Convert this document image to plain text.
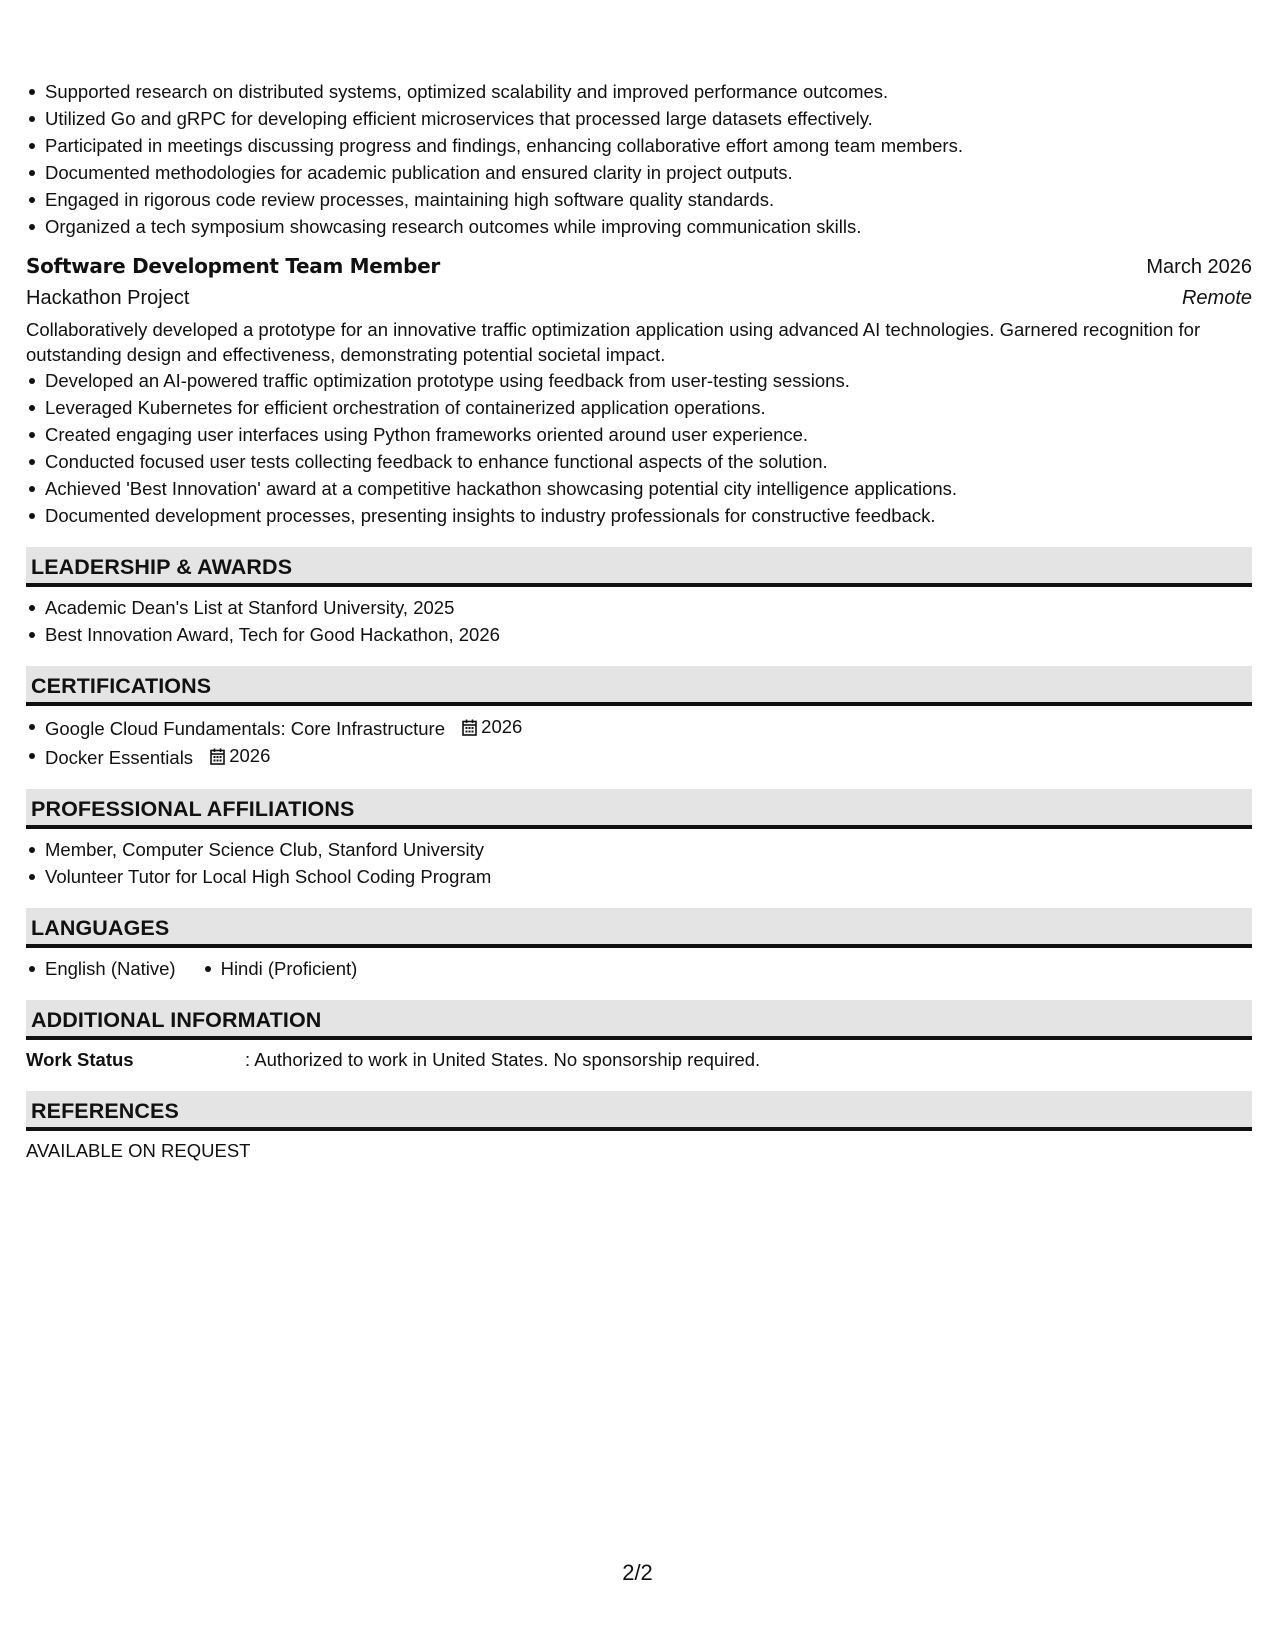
Supported research on distributed systems, optimized scalability and improved performance outcomes.
Utilized Go and gRPC for developing efficient microservices that processed large datasets effectively.
Participated in meetings discussing progress and findings, enhancing collaborative effort among team members.
Documented methodologies for academic publication and ensured clarity in project outputs.
Engaged in rigorous code review processes, maintaining high software quality standards.
Organized a tech symposium showcasing research outcomes while improving communication skills.
Software Development Team Member	March 2026
Hackathon Project	Remote

Collaboratively developed a prototype for an innovative traffic optimization application using advanced AI technologies. Garnered recognition for outstanding design and effectiveness, demonstrating potential societal impact.

Developed an AI-powered traffic optimization prototype using feedback from user-testing sessions.
Leveraged Kubernetes for efficient orchestration of containerized application operations.
Created engaging user interfaces using Python frameworks oriented around user experience.
Conducted focused user tests collecting feedback to enhance functional aspects of the solution.
Achieved 'Best Innovation' award at a competitive hackathon showcasing potential city intelligence applications.
Documented development processes, presenting insights to industry professionals for constructive feedback.
LEADERSHIP & AWARDS
Academic Dean's List at Stanford University, 2025
Best Innovation Award, Tech for Good Hackathon, 2026
CERTIFICATIONS
Google Cloud Fundamentals: Core Infrastructure 2026
Docker Essentials 2026
PROFESSIONAL AFFILIATIONS
Member, Computer Science Club, Stanford University
Volunteer Tutor for Local High School Coding Program
LANGUAGES
English (Native) Hindi (Proficient)
ADDITIONAL INFORMATION
Work Status	: Authorized to work in United States. No sponsorship required.
REFERENCES
AVAILABLE ON REQUEST
2/2
